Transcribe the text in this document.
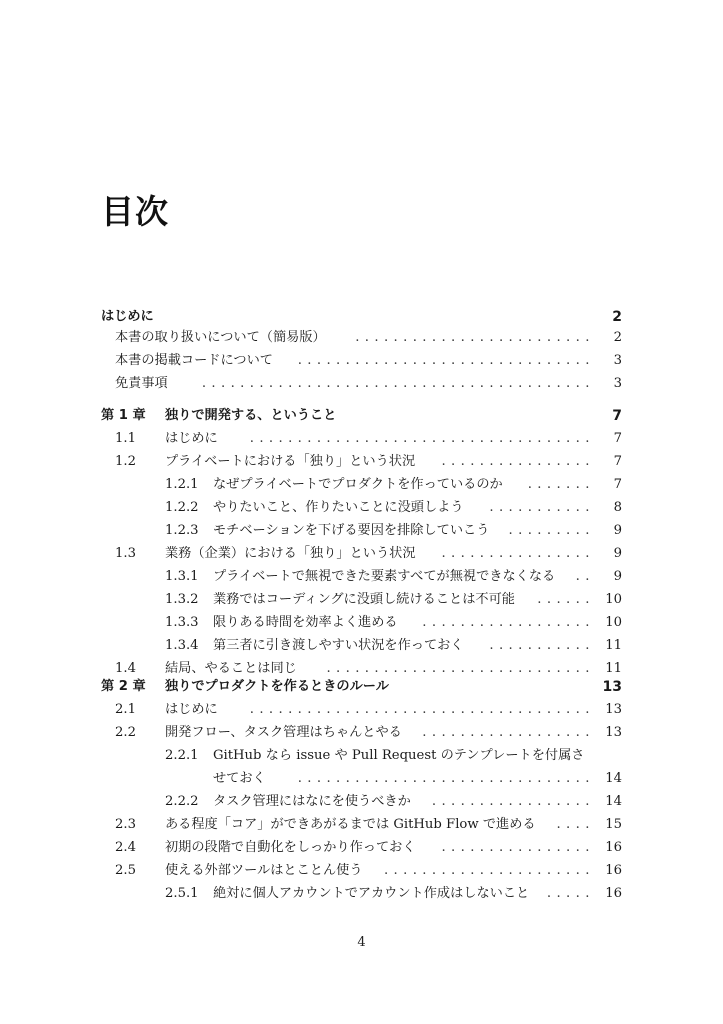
目次
はじめに	2
本書の取り扱いについて（簡易版）	. . . . . . . . . . . . . . . . . . . . . . . . . 2
本書の掲載コードについて	. . . . . . . . . . . . . . . . . . . . . . . . . . . . . . . 3
免責事項	. . . . . . . . . . . . . . . . . . . . . . . . . . . . . . . . . . . . . . . . . 3
第 1 章 独りで開発する、ということ	7
1.1 はじめに	. . . . . . . . . . . . . . . . . . . . . . . . . . . . . . . . . . . . 7
1.2 プライベートにおける「独り」という状況	. . . . . . . . . . . . . . . . 7
1.2.1 なぜプライベートでプロダクトを作っているのか	. . . . . . . 7
1.2.2 やりたいこと、作りたいことに没頭しよう	. . . . . . . . . . . 8
1.2.3 モチベーションを下げる要因を排除していこう	. . . . . . . . . 9
1.3 業務（企業）における「独り」という状況	. . . . . . . . . . . . . . . . 9
1.3.1 プライベートで無視できた要素すべてが無視できなくなる	. . 9
1.3.2 業務ではコーディングに没頭し続けることは不可能	. . . . . . 10
1.3.3 限りある時間を効率よく進める	. . . . . . . . . . . . . . . . . . 10
1.3.4 第三者に引き渡しやすい状況を作っておく	. . . . . . . . . . . 11
1.4 結局、やることは同じ	. . . . . . . . . . . . . . . . . . . . . . . . . . . . 11
第 2 章 独りでプロダクトを作るときのルール	13
2.1 はじめに	. . . . . . . . . . . . . . . . . . . . . . . . . . . . . . . . . . . . 13
2.2 開発フロー、タスク管理はちゃんとやる	. . . . . . . . . . . . . . . . . . 13
2.2.1 GitHub なら issue や Pull Request のテンプレートを付属さ
せておく	. . . . . . . . . . . . . . . . . . . . . . . . . . . . . . . 14
2.2.2 タスク管理にはなにを使うべきか	. . . . . . . . . . . . . . . . . 14
2.3 ある程度「コア」ができあがるまでは GitHub Flow で進める	. . . . 15
2.4 初期の段階で自動化をしっかり作っておく	. . . . . . . . . . . . . . . . 16
2.5 使える外部ツールはとことん使う	. . . . . . . . . . . . . . . . . . . . . . 16
2.5.1 絶対に個人アカウントでアカウント作成はしないこと	. . . . . 16
4
